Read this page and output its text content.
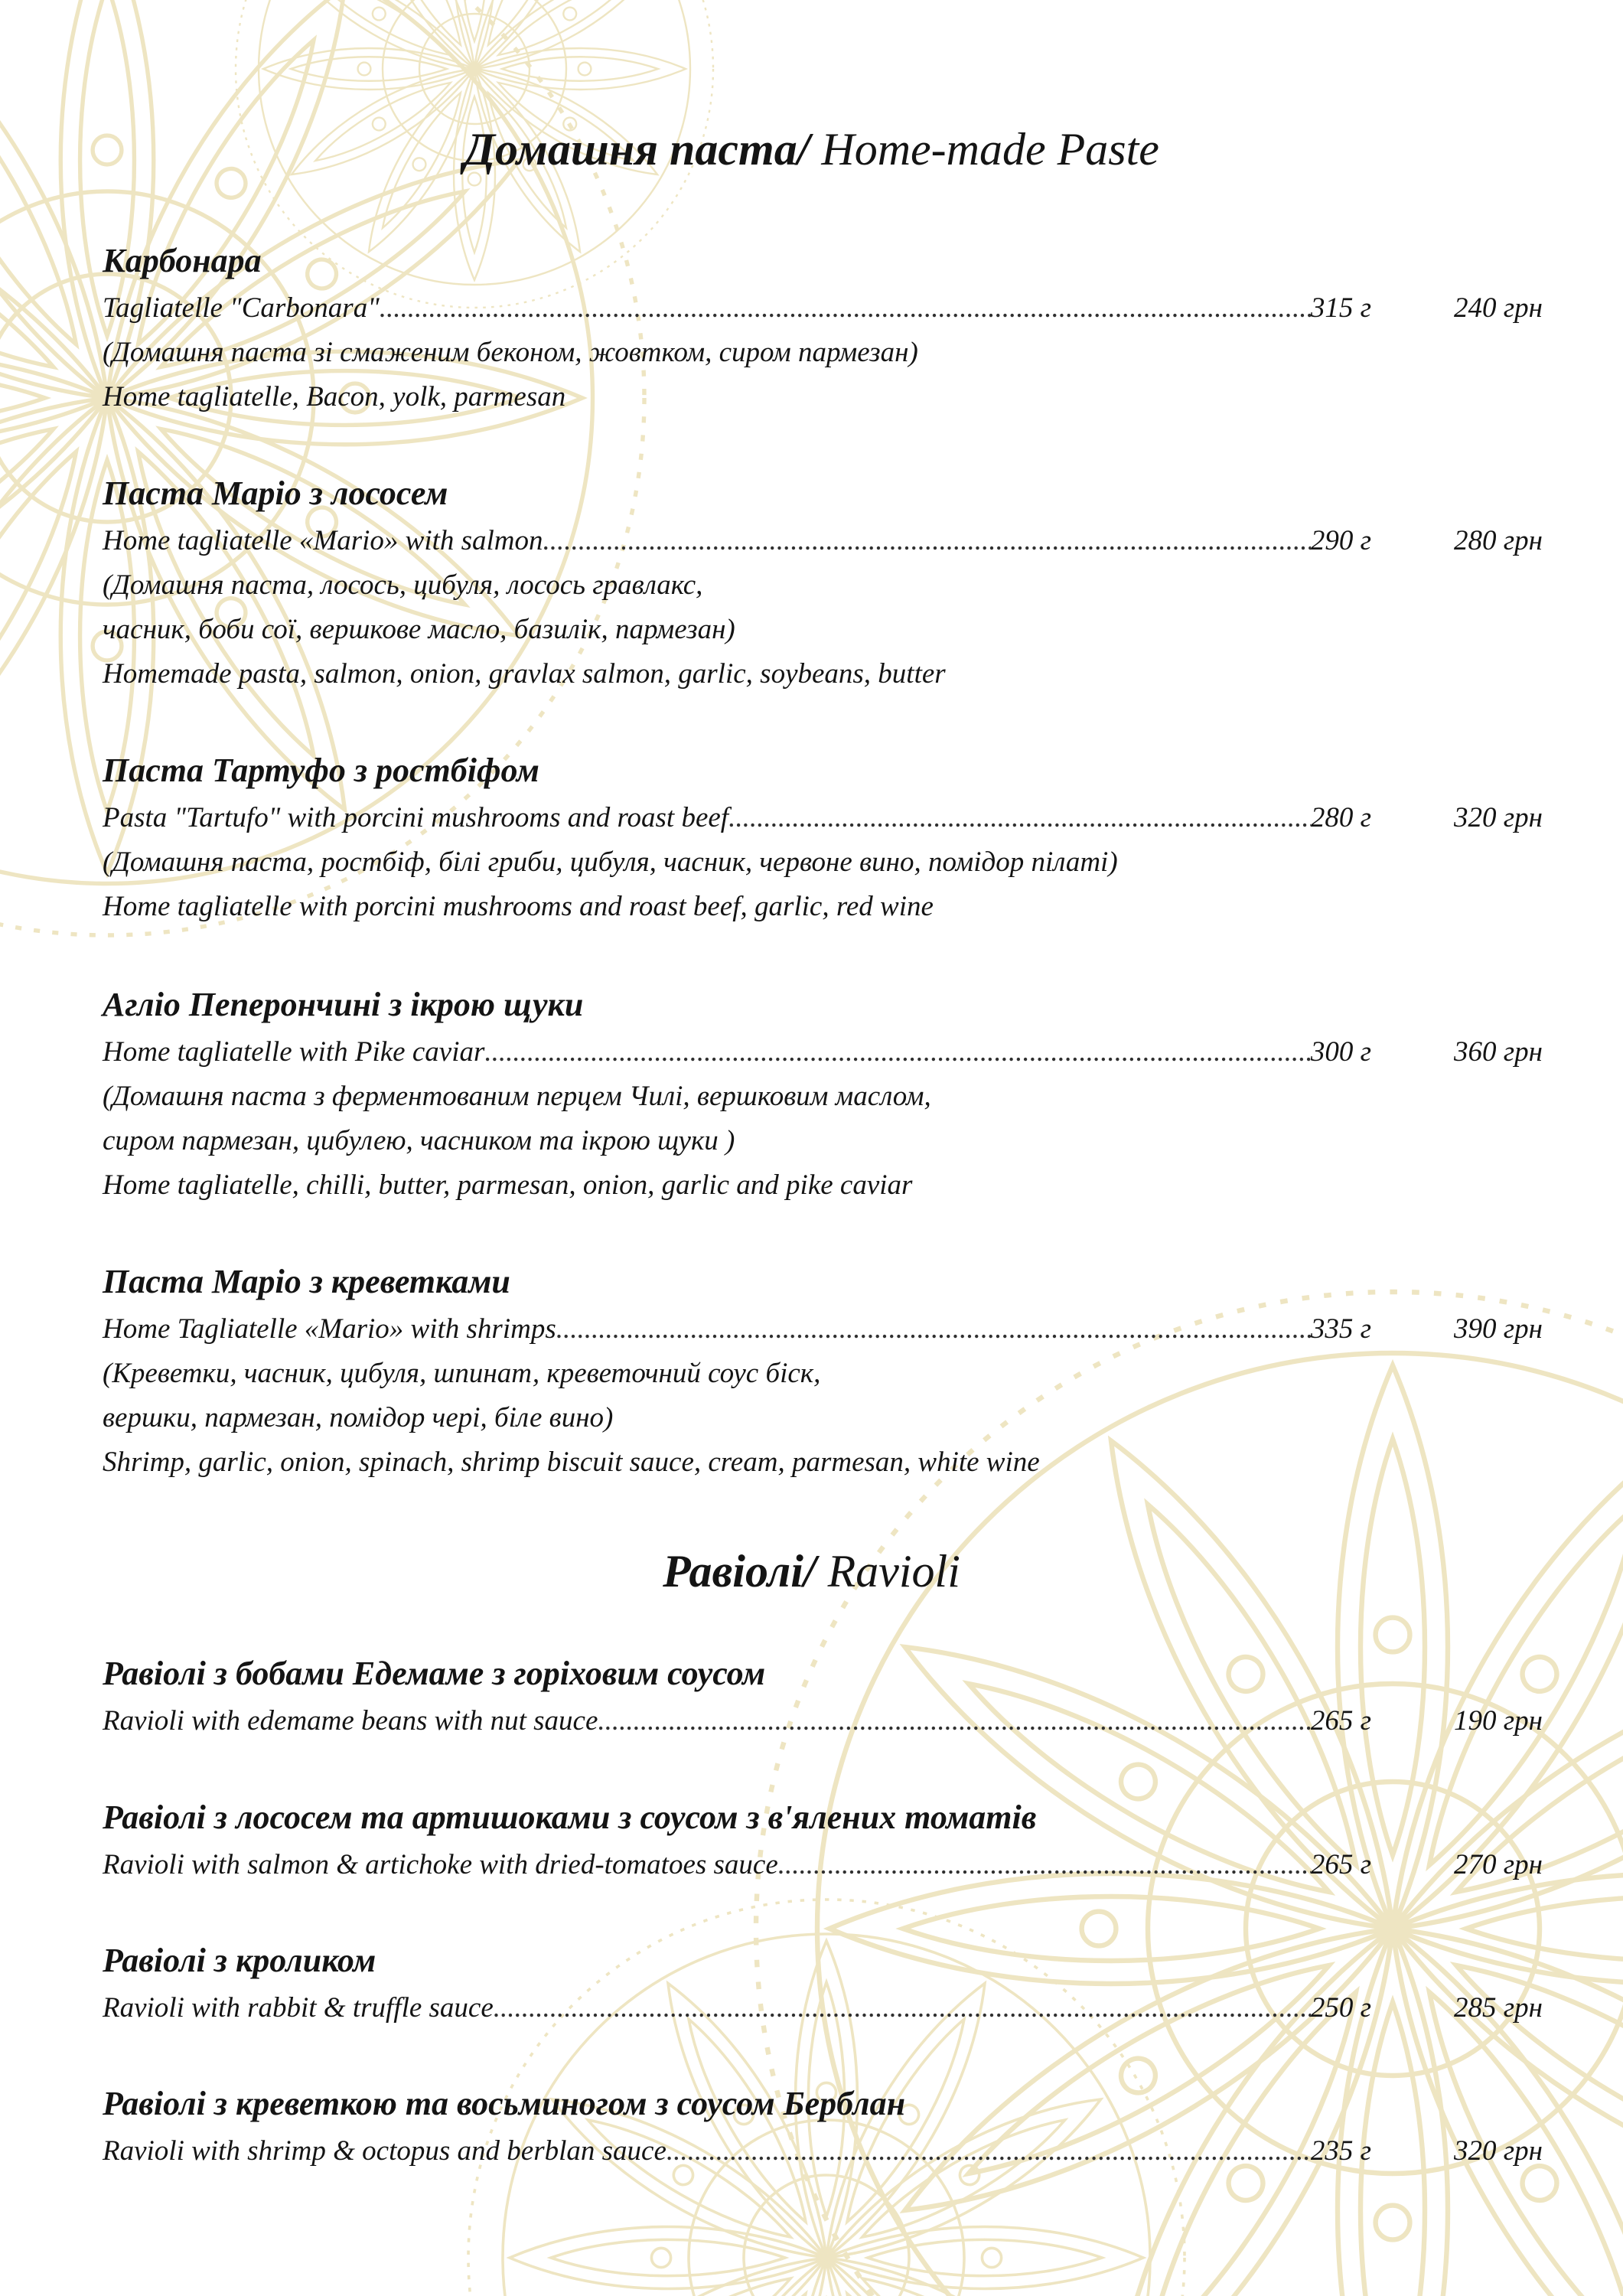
Домашня паста/ Home-made Paste
Карбонара
Tagliatelle "Carbonara" .....	315 г	240 грн
(Домашня паста зі смаженим беконом, жовтком, сиром пармезан)
Home tagliatelle, Bacon, yolk, parmesan
Паста Маріо з лососем
Home tagliatelle «Mario» with salmon .....	290 г	280 грн
(Домашня паста, лосось, цибуля, лосось гравлакс,
часник, боби сої, вершкове масло, базилік, пармезан)
Homemade pasta, salmon, onion, gravlax salmon, garlic, soybeans, butter
Паста Тартуфо з ростбіфом
Pasta "Tartufo" with porcini mushrooms and roast beef .....	280 г	320 грн
(Домашня паста, ростбіф, білі гриби, цибуля, часник, червоне вино, помідор пілаті)
Home tagliatelle with porcini mushrooms and roast beef, garlic, red wine
Агліо Пеперончині з ікрою щуки
Home tagliatelle with Pike caviar .....	300 г	360 грн
(Домашня паста з ферментованим перцем Чилі, вершковим маслом,
сиром пармезан, цибулею, часником та ікрою щуки )
Home tagliatelle, chilli, butter, parmesan, onion, garlic and pike caviar
Паста Маріо з креветками
Home Tagliatelle «Mario» with shrimps .....	335 г	390 грн
(Креветки, часник, цибуля, шпинат, креветочний соус біск,
вершки, пармезан, помідор чері, біле вино)
Shrimp, garlic, onion, spinach, shrimp biscuit sauce, cream, parmesan, white wine
Равіолі/ Ravioli
Равіолі з бобами Едемаме з горіховим соусом
Ravioli with edemame beans with nut sauce .....	265 г	190 грн
Равіолі з лососем та артишоками з соусом з в'ялених томатів
Ravioli with salmon & artichoke with dried-tomatoes sauce .....	265 г	270 грн
Равіолі з кроликом
Ravioli with rabbit & truffle sauce .....	250 г	285 грн
Равіолі з креветкою та восьминогом з соусом Берблан
Ravioli with shrimp & octopus and berblan sauce .....	235 г	320 грн
